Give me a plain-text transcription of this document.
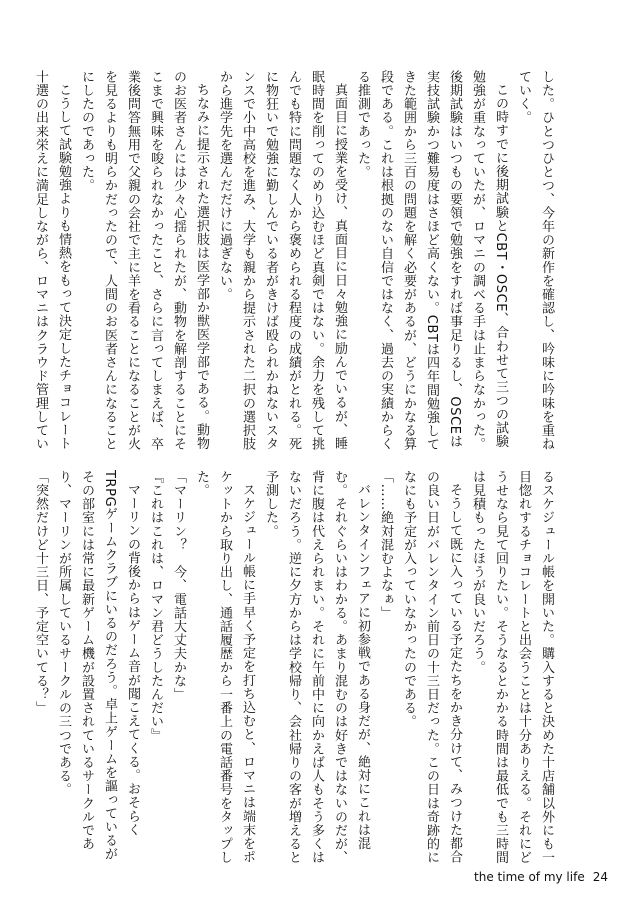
した。ひとつひとつ、今年の新作を確認し、吟味に吟味を重ねていく。

この時すでに後期試験とCBT・OSCE、合わせて三つの試験勉強が重なっていたが、ロマニの調べる手は止まらなかった。後期試験はいつもの要領で勉強をすれば事足りるし、OSCEは実技試験かつ難易度はさほど高くない。CBTは四年間勉強してきた範囲から三百の問題を解く必要があるが、どうにかなる算段である。これは根拠のない自信ではなく、過去の実績からくる推測であった。

真面目に授業を受け、真面目に日々勉強に励んでいるが、睡眠時間を削ってのめり込むほど真剣ではない。余力を残して挑んでも特に問題なく人から褒められる程度の成績がとれる。死に物狂いで勉強に勤しんでいる者がきけば殴られかねないスタンスで小中高校を進み、大学も親から提示された二択の選択肢から進学先を選んだだけに過ぎない。

ちなみに提示された選択肢は医学部か獣医学部である。動物のお医者さんには少々心揺られたが、動物を解剖することにそこまで興味を唆られなかったこと、さらに言ってしまえば、卒業後問答無用で父親の会社で主に羊を看ることになることが火を見るよりも明らかだったので、人間のお医者さんになることにしたのであった。

こうして試験勉強よりも情熱をもって決定したチョコレート十選の出来栄えに満足しながら、ロマニはクラウド管理してい

るスケジュール帳を開いた。購入すると決めた十店舗以外にも一目惚れするチョコレートと出会うことは十分ありえる。それにどうせなら見て回りたい。そうなるとかかる時間は最低でも三時間は見積もったほうが良いだろう。

そうして既に入っている予定たちをかき分けて、みつけた都合の良い日がバレンタイン前日の十三日だった。この日は奇跡的になにも予定が入っていなかったのである。

「……絶対混むよなぁ」

バレンタインフェアに初参戦である身だが、絶対にこれは混む。それぐらいはわかる。あまり混むのは好きではないのだが、背に腹は代えられまい。それに午前中に向かえば人もそう多くはないだろう。逆に夕方からは学校帰り、会社帰りの客が増えると予測した。

スケジュール帳に手早く予定を打ち込むと、ロマニは端末をポケットから取り出し、通話履歴から一番上の電話番号をタップした。

「マーリン？　今、電話大丈夫かな」

『これはこれは、ロマン君どうしたんだい』

マーリンの背後からはゲーム音が聞こえてくる。おそらくTRPGゲームクラブにいるのだろう。卓上ゲームを謳っているがその部室には常に最新ゲーム機が設置されているサークルであり、マーリンが所属しているサークルの三つである。

「突然だけど十三日、予定空いてる？」

the time of my life 24
